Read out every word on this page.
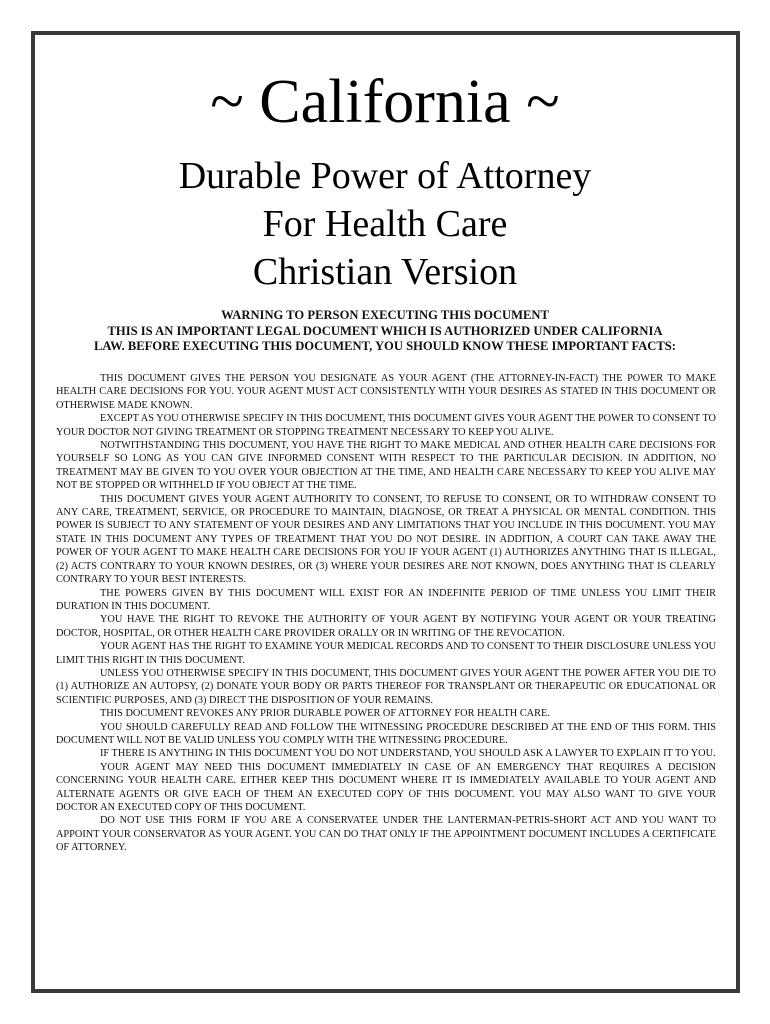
~ California ~
Durable Power of Attorney
For Health Care
Christian Version
WARNING TO PERSON EXECUTING THIS DOCUMENT
THIS IS AN IMPORTANT LEGAL DOCUMENT WHICH IS AUTHORIZED UNDER CALIFORNIA
LAW. BEFORE EXECUTING THIS DOCUMENT, YOU SHOULD KNOW THESE IMPORTANT FACTS:

THIS DOCUMENT GIVES THE PERSON YOU DESIGNATE AS YOUR AGENT (THE ATTORNEY-IN-FACT) THE POWER TO MAKE HEALTH CARE DECISIONS FOR YOU. YOUR AGENT MUST ACT CONSISTENTLY WITH YOUR DESIRES AS STATED IN THIS DOCUMENT OR OTHERWISE MADE KNOWN.

EXCEPT AS YOU OTHERWISE SPECIFY IN THIS DOCUMENT, THIS DOCUMENT GIVES YOUR AGENT THE POWER TO CONSENT TO YOUR DOCTOR NOT GIVING TREATMENT OR STOPPING TREATMENT NECESSARY TO KEEP YOU ALIVE.

NOTWITHSTANDING THIS DOCUMENT, YOU HAVE THE RIGHT TO MAKE MEDICAL AND OTHER HEALTH CARE DECISIONS FOR YOURSELF SO LONG AS YOU CAN GIVE INFORMED CONSENT WITH RESPECT TO THE PARTICULAR DECISION. IN ADDITION, NO TREATMENT MAY BE GIVEN TO YOU OVER YOUR OBJECTION AT THE TIME, AND HEALTH CARE NECESSARY TO KEEP YOU ALIVE MAY NOT BE STOPPED OR WITHHELD IF YOU OBJECT AT THE TIME.

THIS DOCUMENT GIVES YOUR AGENT AUTHORITY TO CONSENT, TO REFUSE TO CONSENT, OR TO WITHDRAW CONSENT TO ANY CARE, TREATMENT, SERVICE, OR PROCEDURE TO MAINTAIN, DIAGNOSE, OR TREAT A PHYSICAL OR MENTAL CONDITION. THIS POWER IS SUBJECT TO ANY STATEMENT OF YOUR DESIRES AND ANY LIMITATIONS THAT YOU INCLUDE IN THIS DOCUMENT. YOU MAY STATE IN THIS DOCUMENT ANY TYPES OF TREATMENT THAT YOU DO NOT DESIRE. IN ADDITION, A COURT CAN TAKE AWAY THE POWER OF YOUR AGENT TO MAKE HEALTH CARE DECISIONS FOR YOU IF YOUR AGENT (1) AUTHORIZES ANYTHING THAT IS ILLEGAL, (2) ACTS CONTRARY TO YOUR KNOWN DESIRES, OR (3) WHERE YOUR DESIRES ARE NOT KNOWN, DOES ANYTHING THAT IS CLEARLY CONTRARY TO YOUR BEST INTERESTS.

THE POWERS GIVEN BY THIS DOCUMENT WILL EXIST FOR AN INDEFINITE PERIOD OF TIME UNLESS YOU LIMIT THEIR DURATION IN THIS DOCUMENT.

YOU HAVE THE RIGHT TO REVOKE THE AUTHORITY OF YOUR AGENT BY NOTIFYING YOUR AGENT OR YOUR TREATING DOCTOR, HOSPITAL, OR OTHER HEALTH CARE PROVIDER ORALLY OR IN WRITING OF THE REVOCATION.

YOUR AGENT HAS THE RIGHT TO EXAMINE YOUR MEDICAL RECORDS AND TO CONSENT TO THEIR DISCLOSURE UNLESS YOU LIMIT THIS RIGHT IN THIS DOCUMENT.

UNLESS YOU OTHERWISE SPECIFY IN THIS DOCUMENT, THIS DOCUMENT GIVES YOUR AGENT THE POWER AFTER YOU DIE TO (1) AUTHORIZE AN AUTOPSY, (2) DONATE YOUR BODY OR PARTS THEREOF FOR TRANSPLANT OR THERAPEUTIC OR EDUCATIONAL OR SCIENTIFIC PURPOSES, AND (3) DIRECT THE DISPOSITION OF YOUR REMAINS.

THIS DOCUMENT REVOKES ANY PRIOR DURABLE POWER OF ATTORNEY FOR HEALTH CARE.

YOU SHOULD CAREFULLY READ AND FOLLOW THE WITNESSING PROCEDURE DESCRIBED AT THE END OF THIS FORM. THIS DOCUMENT WILL NOT BE VALID UNLESS YOU COMPLY WITH THE WITNESSING PROCEDURE.

IF THERE IS ANYTHING IN THIS DOCUMENT YOU DO NOT UNDERSTAND, YOU SHOULD ASK A LAWYER TO EXPLAIN IT TO YOU.

YOUR AGENT MAY NEED THIS DOCUMENT IMMEDIATELY IN CASE OF AN EMERGENCY THAT REQUIRES A DECISION CONCERNING YOUR HEALTH CARE. EITHER KEEP THIS DOCUMENT WHERE IT IS IMMEDIATELY AVAILABLE TO YOUR AGENT AND ALTERNATE AGENTS OR GIVE EACH OF THEM AN EXECUTED COPY OF THIS DOCUMENT. YOU MAY ALSO WANT TO GIVE YOUR DOCTOR AN EXECUTED COPY OF THIS DOCUMENT.

DO NOT USE THIS FORM IF YOU ARE A CONSERVATEE UNDER THE LANTERMAN-PETRIS-SHORT ACT AND YOU WANT TO APPOINT YOUR CONSERVATOR AS YOUR AGENT. YOU CAN DO THAT ONLY IF THE APPOINTMENT DOCUMENT INCLUDES A CERTIFICATE OF ATTORNEY.
